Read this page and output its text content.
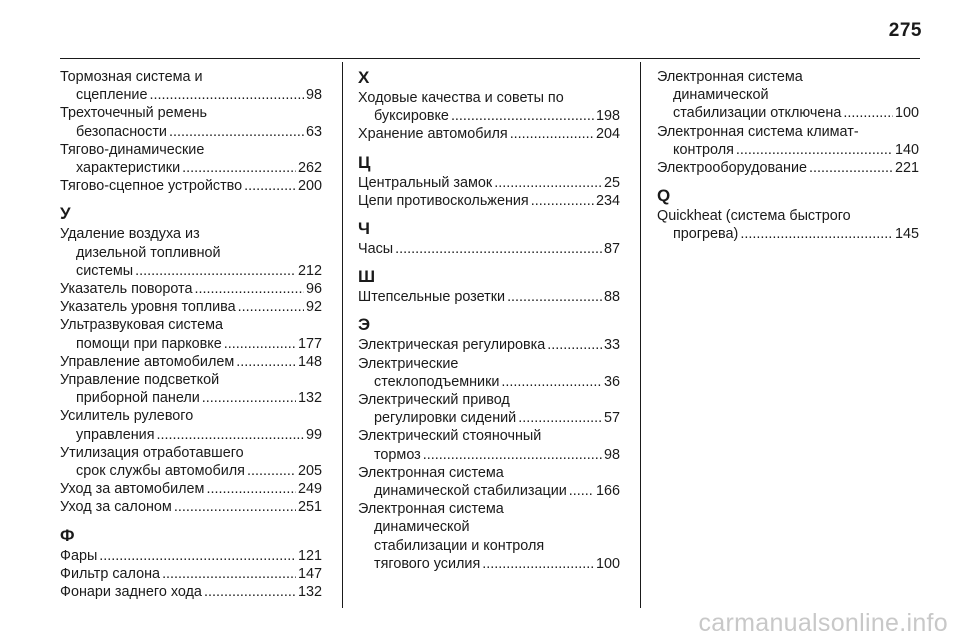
275
Тормозная система и
сцепление .....	98
Трехточечный ремень
безопасности .....	63
Тягово-динамические
характеристики .....	262
Тягово-сцепное устройство .....	200
У
Удаление воздуха из
дизельной топливной
системы .....	212
Указатель поворота .....	96
Указатель уровня топлива .....	92
Ультразвуковая система
помощи при парковке .....	177
Управление автомобилем .....	148
Управление подсветкой
приборной панели .....	132
Усилитель рулевого
управления .....	99
Утилизация отработавшего
срок службы автомобиля .....	205
Уход за автомобилем .....	249
Уход за салоном .....	251
Ф
Фары .....	121
Фильтр салона .....	147
Фонари заднего хода .....	132
Х
Ходовые качества и советы по
буксировке .....	198
Хранение автомобиля .....	204
Ц
Центральный замок .....	25
Цепи противоскольжения .....	234
Ч
Часы .....	87
Ш
Штепсельные розетки .....	88
Э
Электрическая регулировка .....	33
Электрические
стеклоподъемники .....	36
Электрический привод
регулировки сидений .....	57
Электрический стояночный
тормоз .....	98
Электронная система
динамической стабилизации ..... 166
Электронная система
динамической
стабилизации и контроля
тягового усилия .....	100
Электронная система
динамической
стабилизации отключена .....	100
Электронная система климат-
контроля .....	140
Электрооборудование .....	221
Q
Quickheat (система быстрого
прогрева) .....	145
carmanualsonline.info
